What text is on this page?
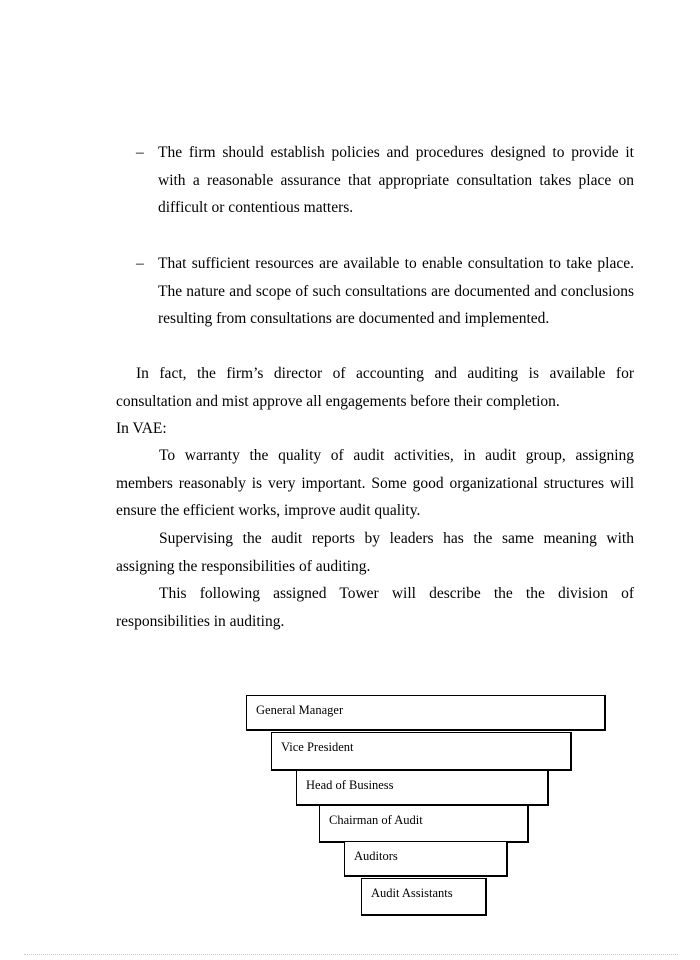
– The firm should establish policies and procedures designed to provide it with a reasonable assurance that appropriate consultation takes place on difficult or contentious matters.
– That sufficient resources are available to enable consultation to take place. The nature and scope of such consultations are documented and conclusions resulting from consultations are documented and implemented.

In fact, the firm’s director of accounting and auditing is available for consultation and mist approve all engagements before their completion.

In VAE:

To warranty the quality of audit activities, in audit group, assigning members reasonably is very important. Some good organizational structures will ensure the efficient works, improve audit quality.

Supervising the audit reports by leaders has the same meaning with assigning the responsibilities of auditing.

This following assigned Tower will describe the the division of responsibilities in auditing.

General Manager
Vice President
Head of Business
Chairman of Audit
Auditors
Audit Assistants
